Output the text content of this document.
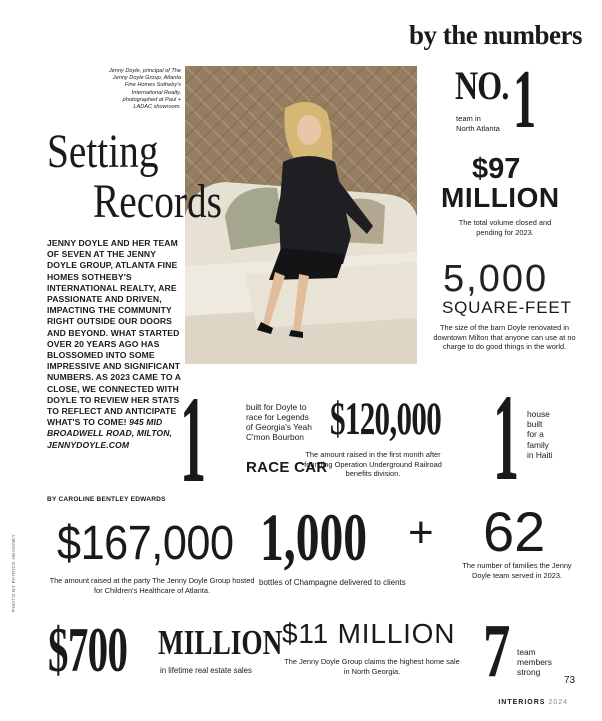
by the numbers
Jenny Doyle, principal of The Jenny Doyle Group, Atlanta Fine Homes Sotheby's International Realty, photographed at Paul + LADAC showroom.
Setting
Records
JENNY DOYLE AND HER TEAM OF SEVEN AT THE JENNY DOYLE GROUP, ATLANTA FINE HOMES SOTHEBY'S INTERNATIONAL REALTY, ARE PASSIONATE AND DRIVEN, IMPACTING THE COMMUNITY RIGHT OUTSIDE OUR DOORS AND BEYOND. WHAT STARTED OVER 20 YEARS AGO HAS BLOSSOMED INTO SOME IMPRESSIVE AND SIGNIFICANT NUMBERS. AS 2023 CAME TO A CLOSE, WE CONNECTED WITH DOYLE TO REVIEW HER STATS TO REFLECT AND ANTICIPATE WHAT'S TO COME! 945 MID BROADWELL ROAD, MILTON, JENNYDOYLE.COM
BY CAROLINE BENTLEY EDWARDS
NO. 1
team in
North Atlanta
$97
MILLION
The total volume closed and pending for 2023.
5,000
SQUARE-FEET
The size of the barn Doyle renovated in downtown Milton that anyone can use at no charge to do good things in the world.
1	built for Doyle to
race for Legends
of Georgia's Yeah
C'mon Bourbon
RACE CAR
$120,000
The amount raised in the first month after founding Operation Underground Railroad benefits division. 1 house
built
for a
family
in Haiti
$167,000
The amount raised at the party The Jenny Doyle Group hosted for Children's Healthcare of Atlanta.
1,000 +
bottles of Champagne delivered to clients
62
The number of families the Jenny Doyle team served in 2023.
$700 MILLION
in lifetime real estate sales
$11 MILLION
The Jenny Doyle Group claims the highest home sale in North Georgia.	7 team
members
strong
PHOTO BY PATRICK HEAGNEY
73
INTERIORS 2024
